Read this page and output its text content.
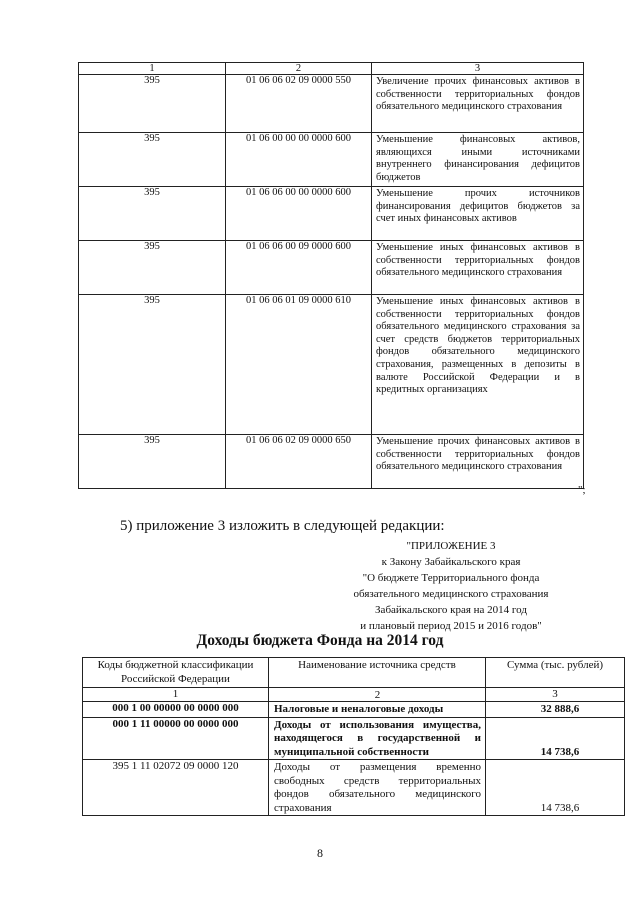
1	2	3
395	01 06 06 02 09 0000 550	Увеличение прочих финансовых активов в собственности территориальных фондов обязательного медицинского страхования
395	01 06 00 00 00 0000 600	Уменьшение финансовых активов, являющихся иными источниками внутреннего финансирования дефицитов бюджетов
395	01 06 06 00 00 0000 600	Уменьшение прочих источников финансирования дефицитов бюджетов за счет иных финансовых активов
395	01 06 06 00 09 0000 600	Уменьшение иных финансовых активов в собственности территориальных фондов обязательного медицинского страхования
395	01 06 06 01 09 0000 610	Уменьшение иных финансовых активов в собственности территориальных фондов обязательного медицинского страхования за счет средств бюджетов территориальных фондов обязательного медицинского страхования, размещенных в депозиты в валюте Российской Федерации и в кредитных организациях
395	01 06 06 02 09 0000 650	Уменьшение прочих финансовых активов в собственности территориальных фондов обязательного медицинского страхования
";
5) приложение 3 изложить в следующей редакции:
"ПРИЛОЖЕНИЕ 3
к Закону Забайкальского края
"О бюджете Территориального фонда
обязательного медицинского страхования
Забайкальского края на 2014 год
и плановый период 2015 и 2016 годов"
Доходы бюджета Фонда на 2014 год
Коды бюджетной классификации Российской Федерации	Наименование источника средств	Сумма (тыс. рублей)
1	2	3
000 1 00 00000 00 0000 000	Налоговые и неналоговые доходы	32 888,6
000 1 11 00000 00 0000 000	Доходы от использования имущества, находящегося в государственной и муниципальной собственности	14 738,6
395 1 11 02072 09 0000 120	Доходы от размещения временно свободных средств территориальных фондов обязательного медицинского страхования	14 738,6
8
